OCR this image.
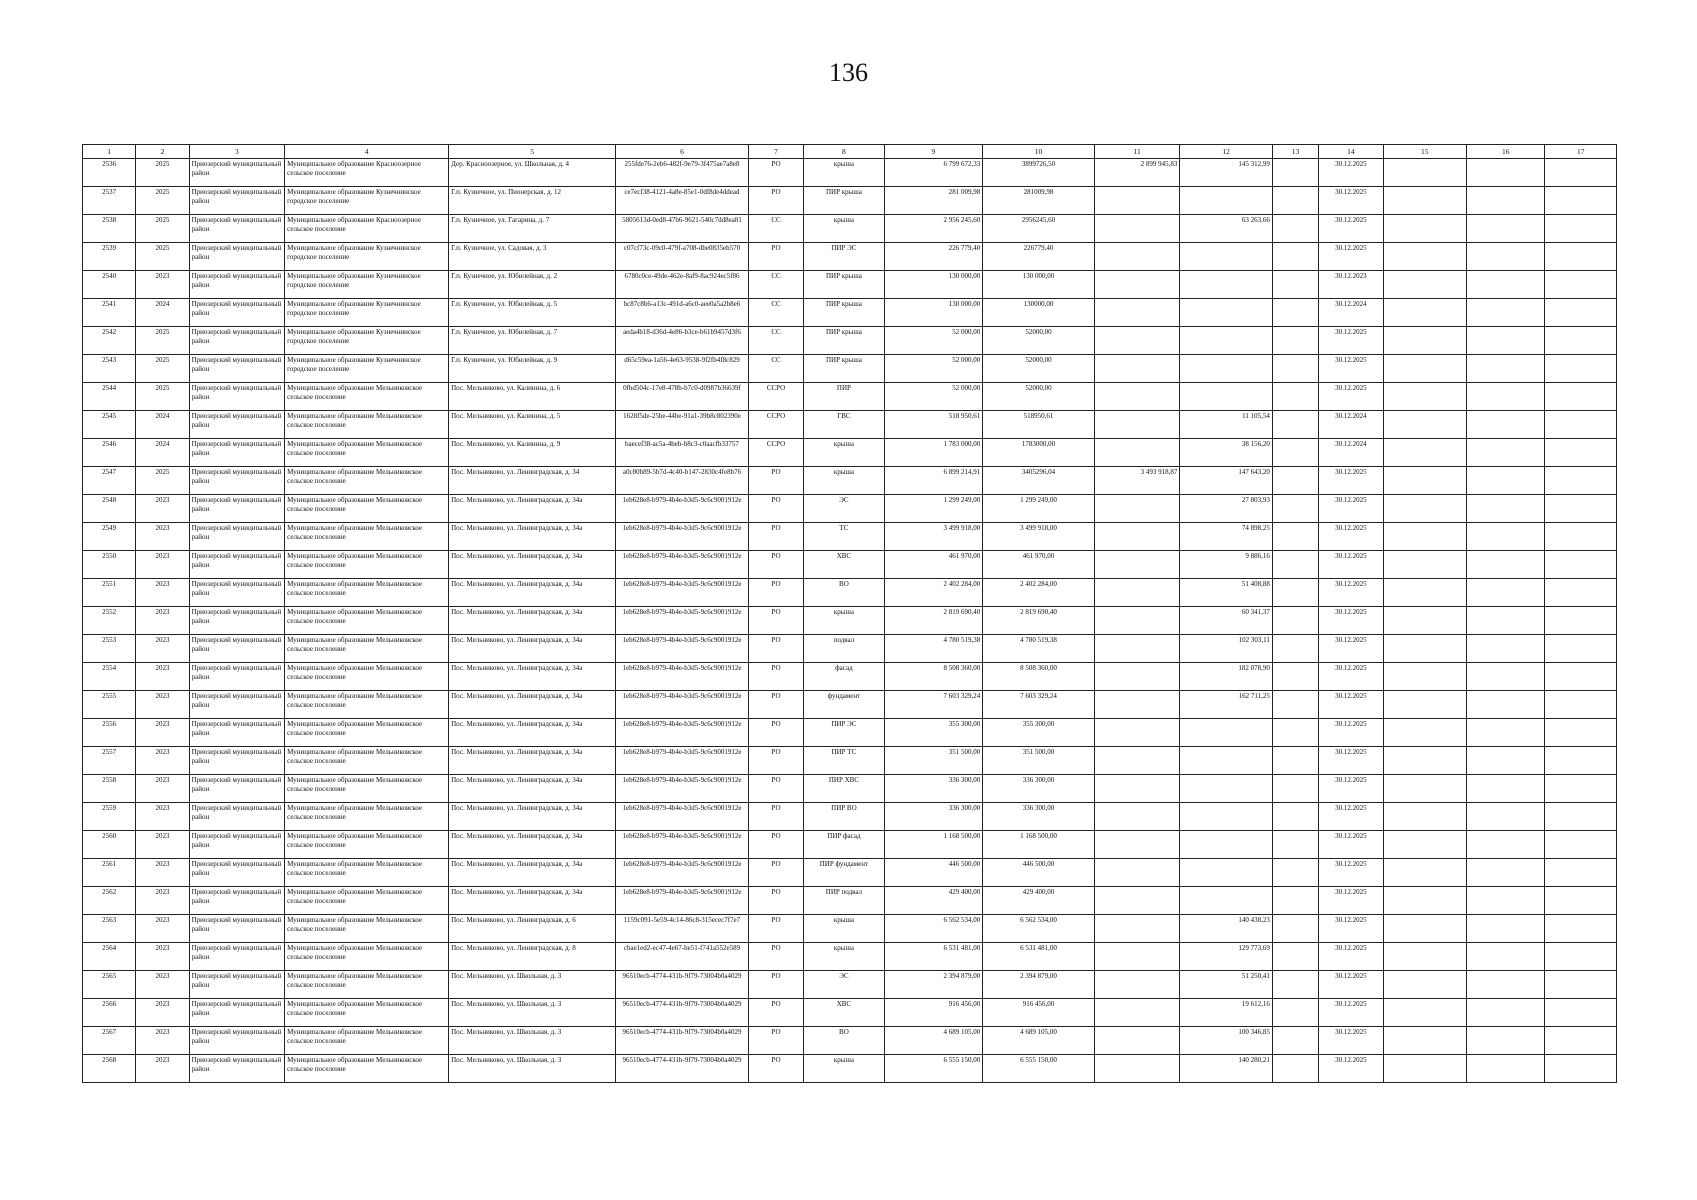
136
1	2	3	4	5	6	7	8	9	10	11	12	13	14	15	16	17
2536	2025	Приозерский муниципальный район	Муниципальное образование Красноозерное сельское поселение	Дер. Красноозерное, ул. Школьная, д. 4	255fde76-2eb6-482f-9e79-3f475ae7a8e8	РО	крыша	6 799 672,33	3899726,50	2 899 945,83	145 312,99		30.12.2025			
2537	2025	Приозерский муниципальный район	Муниципальное образование Кузнечнинское городское поселение	Г.п. Кузнечное, ул. Пионерская, д. 12	ce7ecf38-4121-4a8e-85e1-0df8de4ddead	РО	ПИР крыша	281 009,98	281009,98				30.12.2025			
2538	2025	Приозерский муниципальный район	Муниципальное образование Красноозерное сельское поселение	Г.п. Кузнечное, ул. Гагарина, д. 7	5805613d-0ed8-47b6-9621-540c7dd8ea81	СС	крыша	2 956 245,60	2956245,60		63 263,66		30.12.2025			
2539	2025	Приозерский муниципальный район	Муниципальное образование Кузнечнинское городское поселение	Г.п. Кузнечное, ул. Садовая, д. 3	c07cf73c-09c0-479f-a708-dbe0835eb570	РО	ПИР ЭС	226 779,40	226779,40				30.12.2025			
2540	2023	Приозерский муниципальный район	Муниципальное образование Кузнечнинское городское поселение	Г.п. Кузнечное, ул. Юбилейная, д. 2	6780c0ce-49de-462e-8af9-8ac924ec5f86	СС	ПИР крыша	130 000,00	130 000,00				30.12.2023			
2541	2024	Приозерский муниципальный район	Муниципальное образование Кузнечнинское городское поселение	Г.п. Кузнечное, ул. Юбилейная, д. 5	bc87c8b6-a13c-491d-a6c0-aee0a5a2b8e6	СС	ПИР крыша	130 000,00	130000,00				30.12.2024			
2542	2025	Приозерский муниципальный район	Муниципальное образование Кузнечнинское городское поселение	Г.п. Кузнечное, ул. Юбилейная, д. 7	aeda4b18-d36d-4e86-b3ce-b61b9457d3f6	СС	ПИР крыша	52 000,00	52000,00				30.12.2025			
2543	2025	Приозерский муниципальный район	Муниципальное образование Кузнечнинское городское поселение	Г.п. Кузнечное, ул. Юбилейная, д. 9	d65c59ea-1a56-4e63-9538-9f2fb4f8c829	СС	ПИР крыша	52 000,00	52000,00				30.12.2025			
2544	2025	Приозерский муниципальный район	Муниципальное образование Мельниковское сельское поселение	Пос. Мельниково, ул. Калинина, д. 6	0fbd504c-17e8-478b-b7c0-d0987b36639f	ССРО	ПИР	52 000,00	52000,00				30.12.2025			
2545	2024	Приозерский муниципальный район	Муниципальное образование Мельниковское сельское поселение	Пос. Мельниково, ул. Калинина, д. 5	1628f5de-25be-44be-91a1-39b8c802390e	ССРО	ГВС	518 950,61	518950,61		11 105,54		30.12.2024			
2546	2024	Приозерский муниципальный район	Муниципальное образование Мельниковское сельское поселение	Пос. Мельниково, ул. Калинина, д. 9	baecef38-ac5a-4beb-b8c3-c0aacfb33757	ССРО	крыша	1 783 000,00	1783000,00		38 156,20		30.12.2024			
2547	2025	Приозерский муниципальный район	Муниципальное образование Мельниковское сельское поселение	Пос. Мельниково, ул. Ленинградская, д. 34	a0c80b89-5b7d-4c40-b147-2830c4fe8b76	РО	крыша	6 899 214,91	3405296,04	3 493 918,87	147 643,20		30.12.2025			
2548	2023	Приозерский муниципальный район	Муниципальное образование Мельниковское сельское поселение	Пос. Мельниково, ул. Ленинградская, д. 34а	1eb628e8-b979-4b4e-b3d5-9c6c9001912e	РО	ЭС	1 299 249,00	1 299 249,00		27 803,93		30.12.2025			
2549	2023	Приозерский муниципальный район	Муниципальное образование Мельниковское сельское поселение	Пос. Мельниково, ул. Ленинградская, д. 34а	1eb628e8-b979-4b4e-b3d5-9c6c9001912e	РО	ТС	3 499 918,00	3 499 918,00		74 898,25		30.12.2025			
2550	2023	Приозерский муниципальный район	Муниципальное образование Мельниковское сельское поселение	Пос. Мельниково, ул. Ленинградская, д. 34а	1eb628e8-b979-4b4e-b3d5-9c6c9001912e	РО	ХВС	461 970,00	461 970,00		9 886,16		30.12.2025			
2551	2023	Приозерский муниципальный район	Муниципальное образование Мельниковское сельское поселение	Пос. Мельниково, ул. Ленинградская, д. 34а	1eb628e8-b979-4b4e-b3d5-9c6c9001912e	РО	ВО	2 402 284,00	2 402 284,00		51 408,88		30.12.2025			
2552	2023	Приозерский муниципальный район	Муниципальное образование Мельниковское сельское поселение	Пос. Мельниково, ул. Ленинградская, д. 34а	1eb628e8-b979-4b4e-b3d5-9c6c9001912e	РО	крыша	2 819 690,40	2 819 690,40		60 341,37		30.12.2025			
2553	2023	Приозерский муниципальный район	Муниципальное образование Мельниковское сельское поселение	Пос. Мельниково, ул. Ленинградская, д. 34а	1eb628e8-b979-4b4e-b3d5-9c6c9001912e	РО	подвал	4 780 519,38	4 780 519,38		102 303,11		30.12.2025			
2554	2023	Приозерский муниципальный район	Муниципальное образование Мельниковское сельское поселение	Пос. Мельниково, ул. Ленинградская, д. 34а	1eb628e8-b979-4b4e-b3d5-9c6c9001912e	РО	фасад	8 508 360,00	8 508 360,00		182 078,90		30.12.2025			
2555	2023	Приозерский муниципальный район	Муниципальное образование Мельниковское сельское поселение	Пос. Мельниково, ул. Ленинградская, д. 34а	1eb628e8-b979-4b4e-b3d5-9c6c9001912e	РО	фундамент	7 603 329,24	7 603 329,24		162 711,25		30.12.2025			
2556	2023	Приозерский муниципальный район	Муниципальное образование Мельниковское сельское поселение	Пос. Мельниково, ул. Ленинградская, д. 34а	1eb628e8-b979-4b4e-b3d5-9c6c9001912e	РО	ПИР ЭС	355 300,00	355 300,00				30.12.2025			
2557	2023	Приозерский муниципальный район	Муниципальное образование Мельниковское сельское поселение	Пос. Мельниково, ул. Ленинградская, д. 34а	1eb628e8-b979-4b4e-b3d5-9c6c9001912e	РО	ПИР ТС	351 500,00	351 500,00				30.12.2025			
2558	2023	Приозерский муниципальный район	Муниципальное образование Мельниковское сельское поселение	Пос. Мельниково, ул. Ленинградская, д. 34а	1eb628e8-b979-4b4e-b3d5-9c6c9001912e	РО	ПИР ХВС	336 300,00	336 300,00				30.12.2025			
2559	2023	Приозерский муниципальный район	Муниципальное образование Мельниковское сельское поселение	Пос. Мельниково, ул. Ленинградская, д. 34а	1eb628e8-b979-4b4e-b3d5-9c6c9001912e	РО	ПИР ВО	336 300,00	336 300,00				30.12.2025			
2560	2023	Приозерский муниципальный район	Муниципальное образование Мельниковское сельское поселение	Пос. Мельниково, ул. Ленинградская, д. 34а	1eb628e8-b979-4b4e-b3d5-9c6c9001912e	РО	ПИР фасад	1 168 500,00	1 168 500,00				30.12.2025			
2561	2023	Приозерский муниципальный район	Муниципальное образование Мельниковское сельское поселение	Пос. Мельниково, ул. Ленинградская, д. 34а	1eb628e8-b979-4b4e-b3d5-9c6c9001912e	РО	ПИР фундамент	446 500,00	446 500,00				30.12.2025			
2562	2023	Приозерский муниципальный район	Муниципальное образование Мельниковское сельское поселение	Пос. Мельниково, ул. Ленинградская, д. 34а	1eb628e8-b979-4b4e-b3d5-9c6c9001912e	РО	ПИР подвал	429 400,00	429 400,00				30.12.2025			
2563	2023	Приозерский муниципальный район	Муниципальное образование Мельниковское сельское поселение	Пос. Мельниково, ул. Ленинградская, д. 6	1159c091-5e59-4c14-86c8-315ecec7f7e7	РО	крыша	6 562 534,00	6 562 534,00		140 438,23		30.12.2025			
2564	2023	Приозерский муниципальный район	Муниципальное образование Мельниковское сельское поселение	Пос. Мельниково, ул. Ленинградская, д. 8	cbae1ed2-ec47-4e67-be51-f741a552e589	РО	крыша	6 531 481,00	6 531 481,00		129 773,69		30.12.2025			
2565	2023	Приозерский муниципальный район	Муниципальное образование Мельниковское сельское поселение	Пос. Мельниково, ул. Школьная, д. 3	96510ecb-4774-431b-9f79-73004b0a4029	РО	ЭС	2 394 879,00	2 394 879,00		51 250,41		30.12.2025			
2566	2023	Приозерский муниципальный район	Муниципальное образование Мельниковское сельское поселение	Пос. Мельниково, ул. Школьная, д. 3	96510ecb-4774-431b-9f79-73004b0a4029	РО	ХВС	916 456,00	916 456,00		19 612,16		30.12.2025			
2567	2023	Приозерский муниципальный район	Муниципальное образование Мельниковское сельское поселение	Пос. Мельниково, ул. Школьная, д. 3	96510ecb-4774-431b-9f79-73004b0a4029	РО	ВО	4 689 105,00	4 689 105,00		100 346,85		30.12.2025			
2568	2023	Приозерский муниципальный район	Муниципальное образование Мельниковское сельское поселение	Пос. Мельниково, ул. Школьная, д. 3	96510ecb-4774-431b-9f79-73004b0a4029	РО	крыша	6 555 150,00	6 555 150,00		140 280,21		30.12.2025			
